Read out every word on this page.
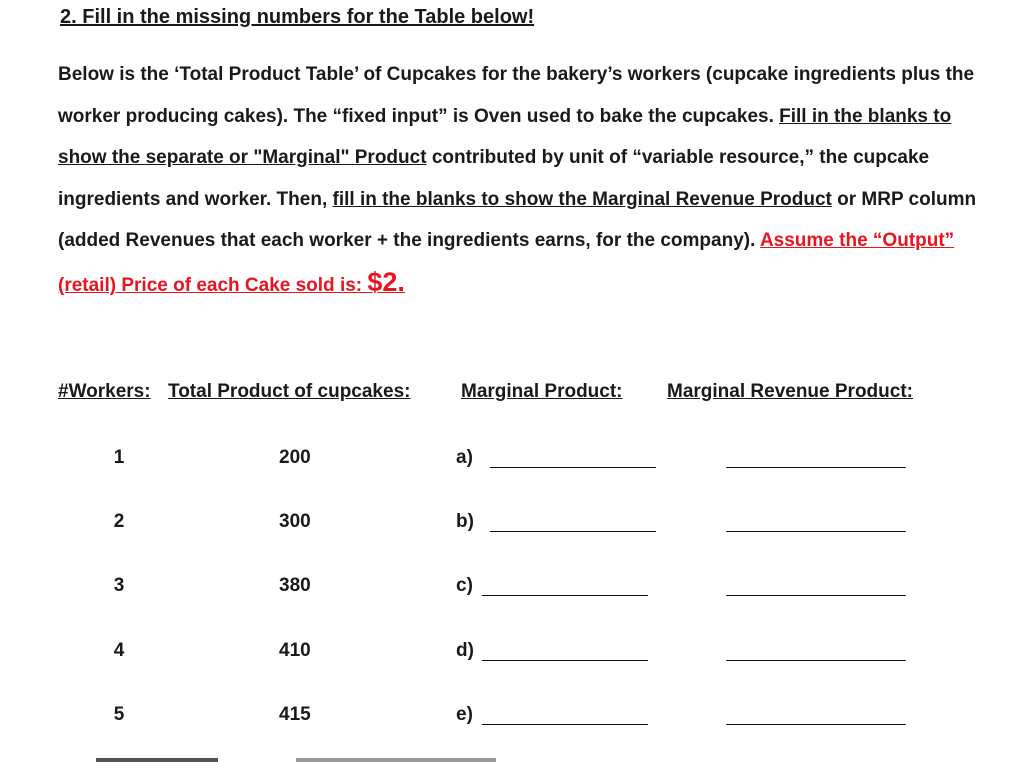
2. Fill in the missing numbers for the Table below!
Below is the ‘Total Product Table’ of Cupcakes for the bakery’s workers (cupcake ingredients plus the worker producing cakes). The “fixed input” is Oven used to bake the cupcakes. Fill in the blanks to show the separate or "Marginal" Product contributed by unit of “variable resource,” the cupcake ingredients and worker. Then, fill in the blanks to show the Marginal Revenue Product or MRP column (added Revenues that each worker + the ingredients earns, for the company). Assume the “Output” (retail) Price of each Cake sold is: $2.
#Workers: Total Product of cupcakes:	Marginal Product: Marginal Revenue Product:
1	200	a)
2	300	b)
3	380	c)
4	410	d)
5	415	e)
